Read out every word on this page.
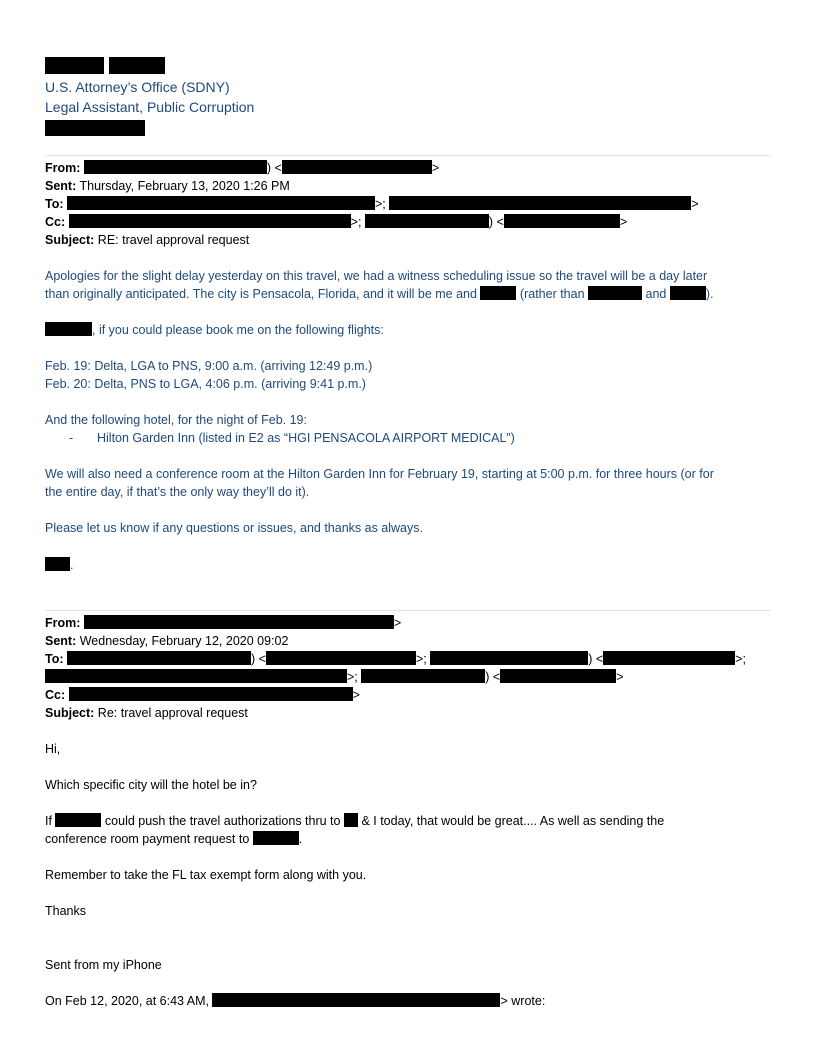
U.S. Attorney’s Office (SDNY)
Legal Assistant, Public Corruption
From:	) <	>
Sent: Thursday, February 13, 2020 1:26 PM
To:	>;	>
Cc:	>;	) <	>
Subject: RE: travel approval request
Apologies for the slight delay yesterday on this travel, we had a witness scheduling issue so the travel will be a day later
than originally anticipated. The city is Pensacola, Florida, and it will be me and	(rather than	and	).
, if you could please book me on the following flights:
Feb. 19: Delta, LGA to PNS, 9:00 a.m. (arriving 12:49 p.m.)
Feb. 20: Delta, PNS to LGA, 4:06 p.m. (arriving 9:41 p.m.)
And the following hotel, for the night of Feb. 19:
- Hilton Garden Inn (listed in E2 as “HGI PENSACOLA AIRPORT MEDICAL”)
We will also need a conference room at the Hilton Garden Inn for February 19, starting at 5:00 p.m. for three hours (or for
the entire day, if that’s the only way they’ll do it).
Please let us know if any questions or issues, and thanks as always.
.
From:	>
Sent: Wednesday, February 12, 2020 09:02
To:	) <	>;	) <	>;
>;	) <	>
Cc:	>
Subject: Re: travel approval request
Hi,
Which specific city will the hotel be in?
If	could push the travel authorizations thru to & I today, that would be great.... As well as sending the
conference room payment request to	.
Remember to take the FL tax exempt form along with you.
Thanks
Sent from my iPhone
On Feb 12, 2020, at 6:43 AM,	> wrote:
